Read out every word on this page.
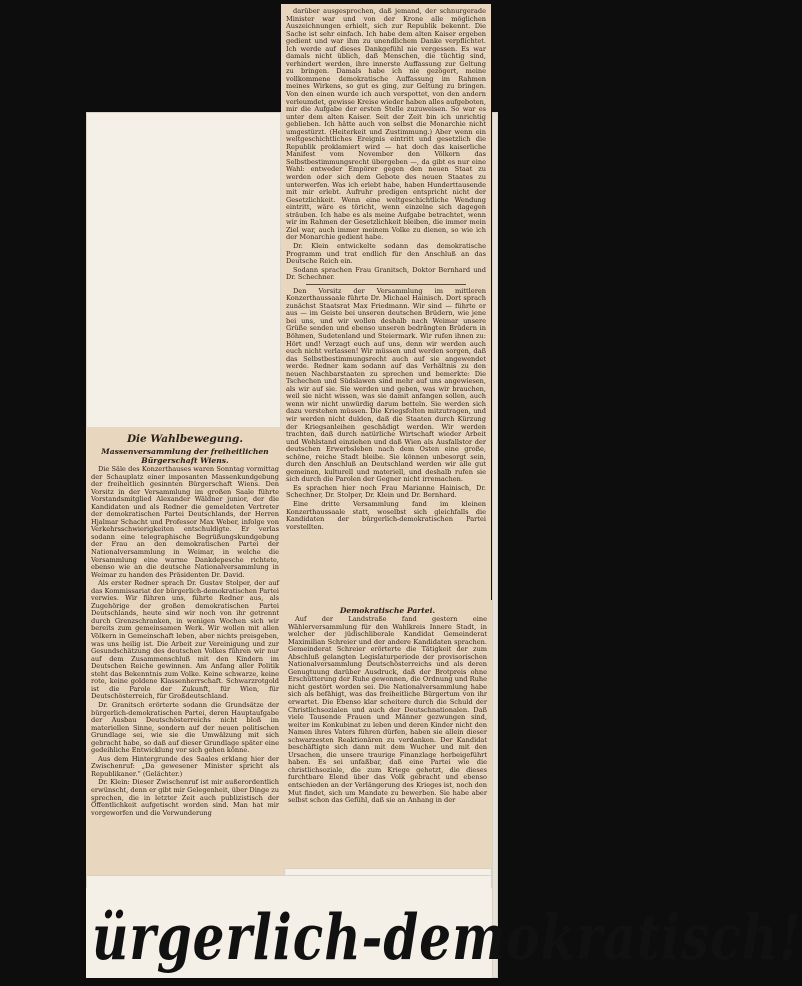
darüber ausgesprochen, daß jemand, der schnurgerade Minister war und von der Krone alle möglichen Auszeichnungen erhielt, sich zur Republik bekennt. Die Sache ist sehr einfach. Ich habe dem alten Kaiser ergeben gedient und war ihm zu unendlichem Danke verpflichtet. Ich werde auf dieses Dankgefühl nie vergessen. Es war damals nicht üblich, daß Menschen, die tüchtig sind, verhindert werden, ihre innerste Auffassung zur Geltung zu bringen. Damals habe ich nie gezögert, meine vollkommene demokratische Auffassung im Rahmen meines Wirkens, so gut es ging, zur Geltung zu bringen. Von den einen wurde ich auch verspottet, von den andern verleumdet, gewisse Kreise wieder haben alles aufgeboten, mir die Aufgabe der ersten Stelle zuzuweisen. So war es unter dem alten Kaiser. Seit der Zeit bin ich unrichtig geblieben. Ich hätte auch von selbst die Monarchie nicht umgestürzt. (Heiterkeit und Zustimmung.) Aber wenn ein weltgeschichtliches Ereignis eintritt und gesetzlich die Republik proklamiert wird — hat doch das kaiserliche Manifest vom November den Völkern das Selbstbestimmungsrecht übergeben —, da gibt es nur eine Wahl: entweder Empörer gegen den neuen Staat zu werden oder sich dem Gebote des neuen Staates zu unterwerfen. Was ich erlebt habe, haben Hunderttausende mit mir erlebt. Aufruhr predigen entspricht nicht der Gesetzlichkeit. Wenn eine weltgeschichtliche Wendung eintritt, wäre es töricht, wenn einzelne sich dagegen sträuben. Ich habe es als meine Aufgabe betrachtet, wenn wir im Rahmen der Gesetzlichkeit bleiben, die immer mein Ziel war, auch immer meinem Volke zu dienen, so wie ich der Monarchie gedient habe.

Dr. Klein entwickelte sodann das demokratische Programm und trat endlich für den Anschluß an das Deutsche Reich ein.

Sodann sprachen Frau Granitsch, Doktor Bernhard und Dr. Schechner.

Den Vorsitz der Versammlung im mittleren Konzerthaussaale führte Dr. Michael Hainisch. Dort sprach zunächst Staatsrat Max Friedmann. Wir sind — führte er aus — im Geiste bei unseren deutschen Brüdern, wie jene bei uns, und wir wollen deshalb nach Weimar unsere Grüße senden und ebenso unseren bedrängten Brüdern in Böhmen, Sudetenland und Steiermark. Wir rufen ihnen zu: Hört und! Verzagt euch auf uns, denn wir werden auch euch nicht verlassen! Wir müssen und werden sorgen, daß das Selbstbestimmungsrecht auch auf sie angewendet werde. Redner kam sodann auf das Verhältnis zu den neuen Nachbarstaaten zu sprechen und bemerkte: Die Tschechen und Südslawen sind mehr auf uns angewiesen, als wir auf sie. Sie werden und geben, was wir brauchen, weil sie nicht wissen, was sie damit anfangen sollen, auch wenn wir nicht unwürdig darum betteln. Sie werden sich dazu verstehen müssen. Die Kriegsfolten mitzutragen, und wir werden nicht dulden, daß die Staaten durch Kürzung der Kriegsanleihen geschädigt werden. Wir werden trachten, daß durch natürliche Wirtschaft wieder Arbeit und Wohlstand einziehen und daß Wien als Ausfallstor der deutschen Erwerbsleben nach dem Osten eine große, schöne, reiche Stadt bleibe. Sie können unbesorgt sein, durch den Anschluß an Deutschland werden wir alle gut gemeinen, kulturell und materiell, und deshalb rufen sie sich durch die Parolen der Gegner nicht irremachen.

Es sprachen hier noch Frau Marianne Hainisch, Dr. Schechner, Dr. Stolper, Dr. Klein und Dr. Bernhard.

Eine dritte Versammlung fand im kleinen Konzerthaussaale statt, woselbst sich gleichfalls die Kandidaten der bürgerlich-demokratischen Partei vorstellten.

Die Wahlbewegung.
Massenversammlung der freiheitlichen Bürgerschaft Wiens.

Die Säle des Konzerthauses waren Sonntag vormittag der Schauplatz einer imposanten Massenkundgebung der freiheitlich gesinnten Bürgerschaft Wiens. Den Vorsitz in der Versammlung im großen Saale führte Vorstandsmitglied Alexander Wäldner junior, der die Kandidaten und als Redner die gemeldeten Vertreter der demokratischen Partei Deutschlands, der Herren Hjalmar Schacht und Professor Max Weber, infolge von Verkehrsschwierigkeiten entschuldigte. Er verlas sodann eine telegraphische Begrüßungskundgebung der Frau an den demokratischen Partei der Nationalversammlung in Weimar, in welche die Versammlung eine warme Dankdepesche richtete, ebenso wie an die deutsche Nationalversammlung in Weimar zu handen des Präsidenten Dr. David.

Als erster Redner sprach Dr. Gustav Stolper, der auf das Kommissariat der bürgerlich-demokratischen Partei verwies. Wir führen uns, führte Redner aus, als Zugehörige der großen demokratischen Partei Deutschlands, heute sind wir noch von ihr getrennt durch Grenzschranken, in wenigen Wochen sich wir bereits zum gemeinsamen Werk. Wir wollen mit allen Völkern in Gemeinschaft leben, aber nichts preisgeben, was uns heilig ist. Die Arbeit zur Vereinigung und zur Gesundschätzung des deutschen Volkes führen wir nur auf dem Zusammenschluß mit den Kindern im Deutschen Reiche gewinnen. Am Anfang aller Politik steht das Bekenntnis zum Volke. Keine schwarze, keine rote, keine goldene Klassenherrschaft. Schwarzrotgold ist die Parole der Zukunft, für Wien, für Deutschösterreich, für Großdeutschland.

Dr. Granitsch erörterte sodann die Grundsätze der bürgerlich-demokratischen Partei, deren Hauptaufgabe der Ausbau Deutschösterreichs nicht bloß im materiellen Sinne, sondern auf der neuen politischen Grundlage sei, wie sie die Umwälzung mit sich gebracht habe, so daß auf dieser Grundlage später eine gedeihliche Entwicklung vor sich gehen könne.

Aus dem Hintergrunde des Saales erklang hier der Zwischenruf: „Da gewesener Minister spricht als Republikaner.“ (Gelächter.)

Dr. Klein: Dieser Zwischenruf ist mir außerordentlich erwünscht, denn er gibt mir Gelegenheit, über Dinge zu sprechen, die in letzter Zeit auch publizistisch der Öffentlichkeit aufgetischt worden sind. Man hat mir vorgeworfen und die Verwunderung

Demokratische Partei.

Auf der Landstraße fand gestern eine Wählerversammlung für den Wahlkreis Innere Stadt, in welcher der jüdischliberale Kandidat Gemeinderat Maximilian Schreier und der andere Kandidaten sprachen. Gemeinderat Schreier erörterte die Tätigkeit der zum Abschluß gelangten Legislaturperiode der provisorischen Nationalversammlung Deutschösterreichs und als deren Genugtuung darüber Ausdruck, daß der Brotpreis ohne Erschütterung der Ruhe gewonnen, die Ordnung und Ruhe nicht gestört worden sei. Die Nationalversammlung habe sich als befähigt, was das freiheitliche Bürgertum von ihr erwartet. Die Ebenso klar scheitere durch die Schuld der Christlichsozialen und auch der Deutschnationalen. Daß viele Tausende Frauen und Männer gezwungen sind, weiter im Konkubinat zu leben und deren Kinder nicht den Namen ihres Vaters führen dürfen, haben sie allein dieser schwarzesten Reaktionären zu verdanken. Der Kandidat beschäftigte sich dann mit dem Wucher und mit den Ursachen, die unsere traurige Finanzlage herbeigeführt haben. Es sei unfaßbar, daß eine Partei wie die christlichsoziale, die zum Kriege gehetzt, die dieses furchtbare Elend über das Volk gebracht und ebenso entschieden an der Verlängerung des Krieges ist, noch den Mut findet, sich um Mandate zu bewerben. Sie habe aber selbst schon das Gefühl, daß sie an Anhang in der

ürgerlich-demokratisch!
